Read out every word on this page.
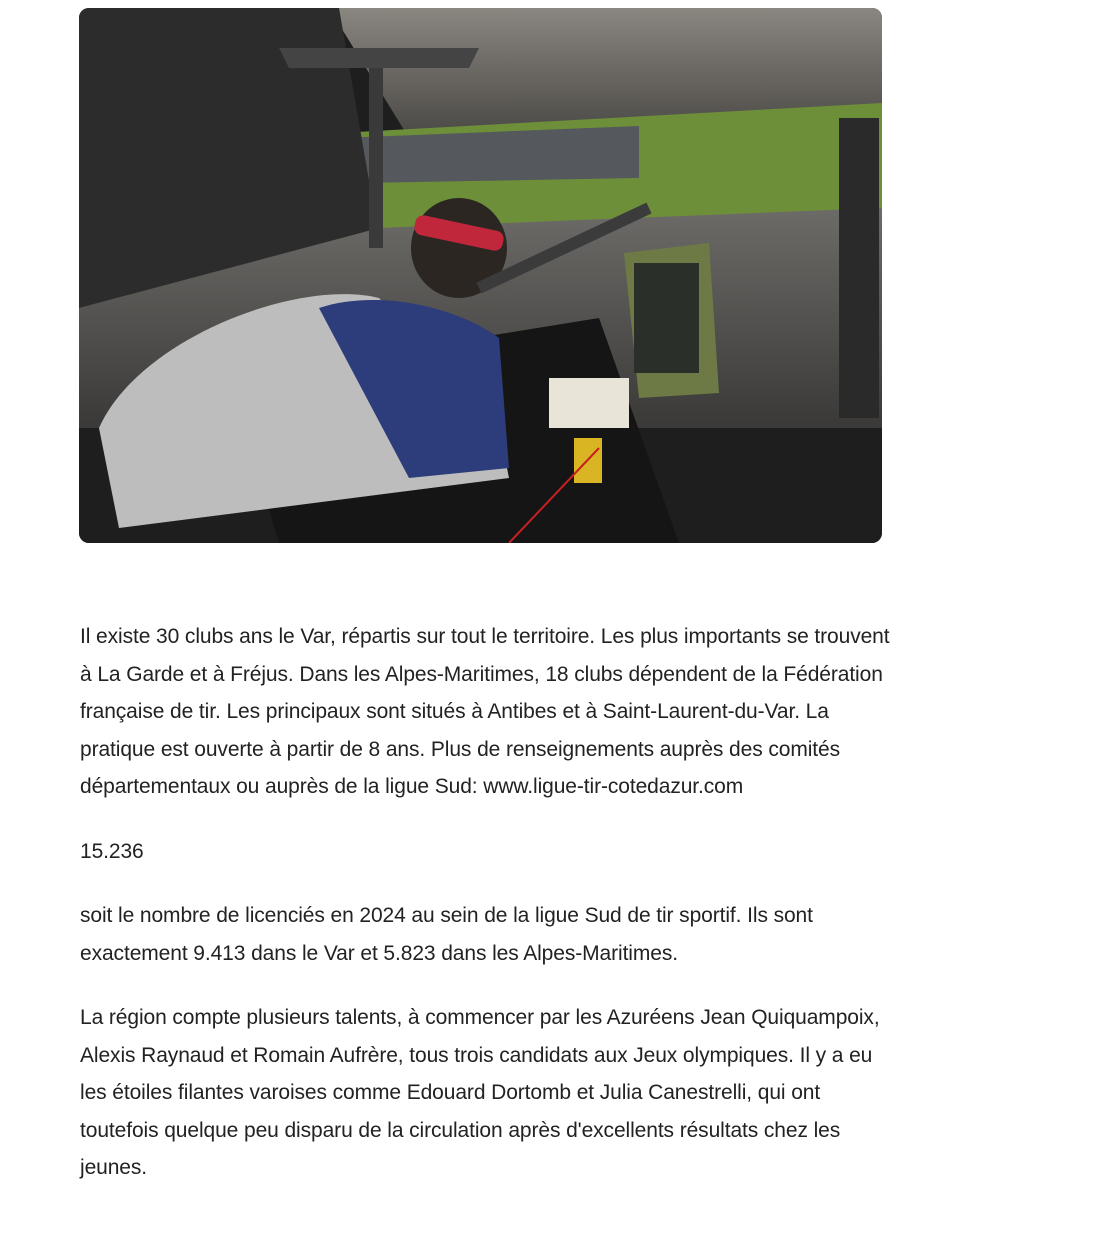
Il existe 30 clubs ans le Var, répartis sur tout le territoire. Les plus importants se trouvent à La Garde et à Fréjus. Dans les Alpes-Maritimes, 18 clubs dépendent de la Fédération française de tir. Les principaux sont situés à Antibes et à Saint-Laurent-du-Var. La pratique est ouverte à partir de 8 ans. Plus de renseignements auprès des comités départementaux ou auprès de la ligue Sud: www.ligue-tir-cotedazur.com

15.236

soit le nombre de licenciés en 2024 au sein de la ligue Sud de tir sportif. Ils sont exactement 9.413 dans le Var et 5.823 dans les Alpes-Maritimes.

La région compte plusieurs talents, à commencer par les Azuréens Jean Quiquampoix, Alexis Raynaud et Romain Aufrère, tous trois candidats aux Jeux olympiques. Il y a eu les étoiles filantes varoises comme Edouard Dortomb et Julia Canestrelli, qui ont toutefois quelque peu disparu de la circulation après d'excellents résultats chez les jeunes.
